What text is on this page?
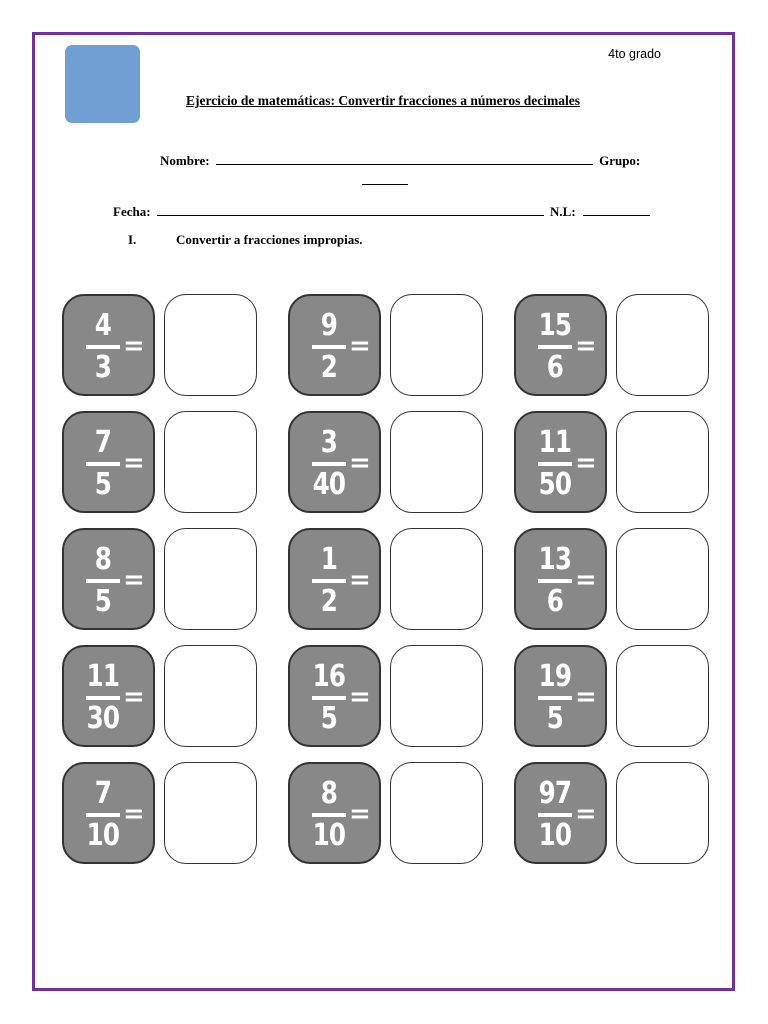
4to grado
Ejercicio de matemáticas: Convertir fracciones a números decimales
Nombre:	Grupo:
Fecha:	N.L:
I.	Convertir a fracciones impropias.
4
3
=
9
2
=
15
6
=
7
5
=
3
40
=
11
50
=
8
5
=
1
2
=
13
6
=
11
30
=
16
5
=
19
5
=
7
10
=
8
10
=
97
10
=
